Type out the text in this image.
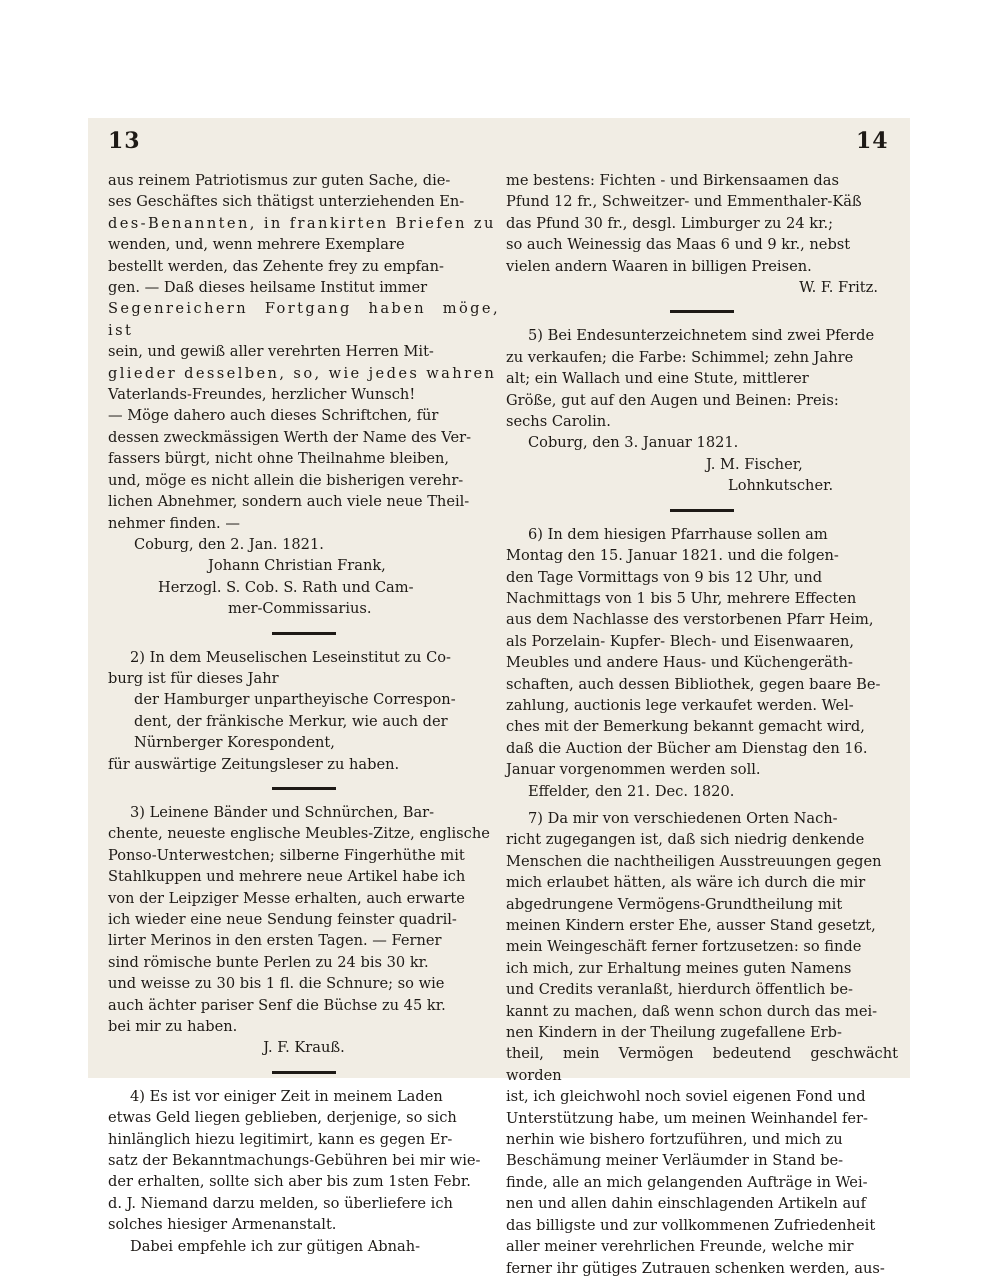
13	14

aus reinem Patriotismus zur guten Sache, die-

ses Geschäftes sich thätigst unterziehenden En-

des-Benannten, in frankirten Briefen zu

wenden, und, wenn mehrere Exemplare

bestellt werden, das Zehente frey zu empfan-

gen. — Daß dieses heilsame Institut immer

Segenreichern Fortgang haben möge, ist

sein, und gewiß aller verehrten Herren Mit-

glieder desselben, so, wie jedes wahren

Vaterlands-Freundes, herzlicher Wunsch!

— Möge dahero auch dieses Schriftchen, für

dessen zweckmässigen Werth der Name des Ver-

fassers bürgt, nicht ohne Theilnahme bleiben,

und, möge es nicht allein die bisherigen verehr-

lichen Abnehmer, sondern auch viele neue Theil-

nehmer finden. —

Coburg, den 2. Jan. 1821.

Johann Christian Frank,

Herzogl. S. Cob. S. Rath und Cam-

mer-Commissarius.

2) In dem Meuselischen Leseinstitut zu Co-

burg ist für dieses Jahr

der Hamburger unpartheyische Correspon-

dent, der fränkische Merkur, wie auch der

Nürnberger Korespondent,

für auswärtige Zeitungsleser zu haben.

3) Leinene Bänder und Schnürchen, Bar-

chente, neueste englische Meubles-Zitze, englische

Ponso-Unterwestchen; silberne Fingerhüthe mit

Stahlkuppen und mehrere neue Artikel habe ich

von der Leipziger Messe erhalten, auch erwarte

ich wieder eine neue Sendung feinster quadril-

lirter Merinos in den ersten Tagen. — Ferner

sind römische bunte Perlen zu 24 bis 30 kr.

und weisse zu 30 bis 1 fl. die Schnure; so wie

auch ächter pariser Senf die Büchse zu 45 kr.

bei mir zu haben.

J. F. Krauß.

4) Es ist vor einiger Zeit in meinem Laden

etwas Geld liegen geblieben, derjenige, so sich

hinlänglich hiezu legitimirt, kann es gegen Er-

satz der Bekanntmachungs-Gebühren bei mir wie-

der erhalten, sollte sich aber bis zum 1sten Febr.

d. J. Niemand darzu melden, so überliefere ich

solches hiesiger Armenanstalt.

Dabei empfehle ich zur gütigen Abnah-

me bestens: Fichten - und Birkensaamen das

Pfund 12 fr., Schweitzer- und Emmenthaler-Käß

das Pfund 30 fr., desgl. Limburger zu 24 kr.;

so auch Weinessig das Maas 6 und 9 kr., nebst

vielen andern Waaren in billigen Preisen.

W. F. Fritz.

5) Bei Endesunterzeichnetem sind zwei Pferde

zu verkaufen; die Farbe: Schimmel; zehn Jahre

alt; ein Wallach und eine Stute, mittlerer

Größe, gut auf den Augen und Beinen: Preis:

sechs Carolin.

Coburg, den 3. Januar 1821.

J. M. Fischer,

Lohnkutscher.

6) In dem hiesigen Pfarrhause sollen am

Montag den 15. Januar 1821. und die folgen-

den Tage Vormittags von 9 bis 12 Uhr, und

Nachmittags von 1 bis 5 Uhr, mehrere Effecten

aus dem Nachlasse des verstorbenen Pfarr Heim,

als Porzelain- Kupfer- Blech- und Eisenwaaren,

Meubles und andere Haus- und Küchengeräth-

schaften, auch dessen Bibliothek, gegen baare Be-

zahlung, auctionis lege verkaufet werden. Wel-

ches mit der Bemerkung bekannt gemacht wird,

daß die Auction der Bücher am Dienstag den 16.

Januar vorgenommen werden soll.

Effelder, den 21. Dec. 1820.

7) Da mir von verschiedenen Orten Nach-

richt zugegangen ist, daß sich niedrig denkende

Menschen die nachtheiligen Ausstreuungen gegen

mich erlaubet hätten, als wäre ich durch die mir

abgedrungene Vermögens-Grundtheilung mit

meinen Kindern erster Ehe, ausser Stand gesetzt,

mein Weingeschäft ferner fortzusetzen: so finde

ich mich, zur Erhaltung meines guten Namens

und Credits veranlaßt, hierdurch öffentlich be-

kannt zu machen, daß wenn schon durch das mei-

nen Kindern in der Theilung zugefallene Erb-

theil, mein Vermögen bedeutend geschwächt worden

ist, ich gleichwohl noch soviel eigenen Fond und

Unterstützung habe, um meinen Weinhandel fer-

nerhin wie bishero fortzuführen, und mich zu

Beschämung meiner Verläumder in Stand be-

finde, alle an mich gelangenden Aufträge in Wei-

nen und allen dahin einschlagenden Artikeln auf

das billigste und zur vollkommenen Zufriedenheit

aller meiner verehrlichen Freunde, welche mir

ferner ihr gütiges Zutrauen schenken werden, aus-
